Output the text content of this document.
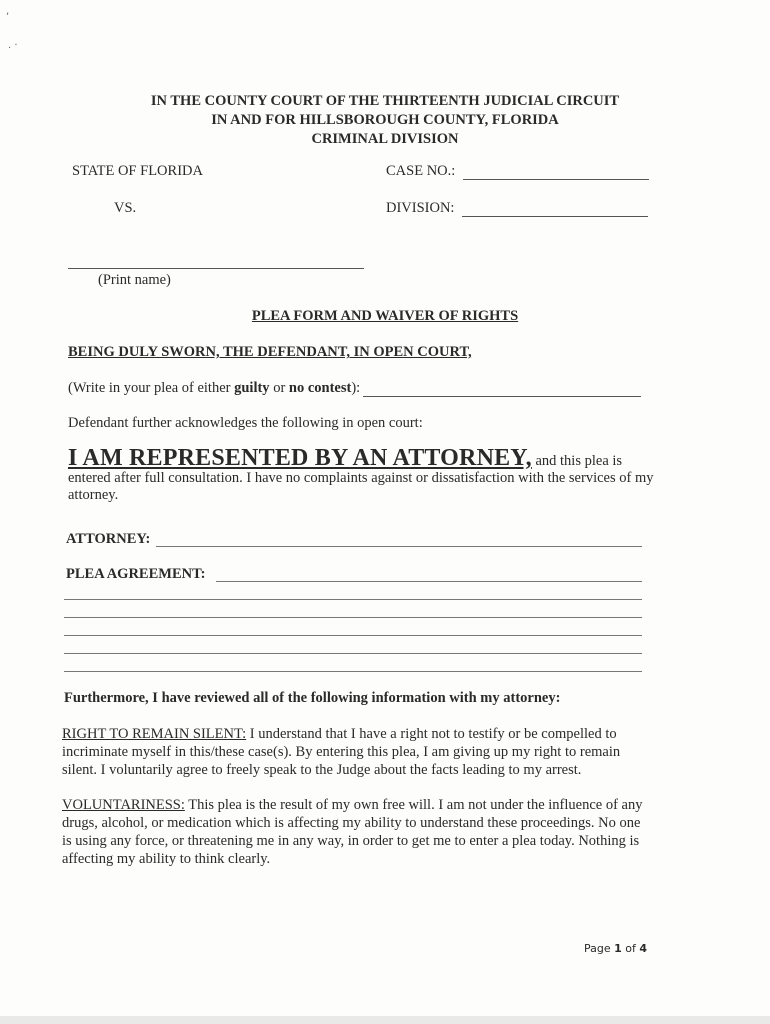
,
. ·
IN THE COUNTY COURT OF THE THIRTEENTH JUDICIAL CIRCUIT
IN AND FOR HILLSBOROUGH COUNTY, FLORIDA
CRIMINAL DIVISION
STATE OF FLORIDA	CASE NO.:
VS.	DIVISION:
(Print name)
PLEA FORM AND WAIVER OF RIGHTS
BEING DULY SWORN, THE DEFENDANT, IN OPEN COURT,
(Write in your plea of either guilty or no contest):
Defendant further acknowledges the following in open court:
I AM REPRESENTED BY AN ATTORNEY, and this plea is entered after full consultation. I have no complaints against or dissatisfaction with the services of my attorney.
ATTORNEY:
PLEA AGREEMENT:
Furthermore, I have reviewed all of the following information with my attorney:
RIGHT TO REMAIN SILENT: I understand that I have a right not to testify or be compelled to incriminate myself in this/these case(s). By entering this plea, I am giving up my right to remain silent. I voluntarily agree to freely speak to the Judge about the facts leading to my arrest.
VOLUNTARINESS: This plea is the result of my own free will. I am not under the influence of any drugs, alcohol, or medication which is affecting my ability to understand these proceedings. No one is using any force, or threatening me in any way, in order to get me to enter a plea today. Nothing is affecting my ability to think clearly.
Page 1 of 4
